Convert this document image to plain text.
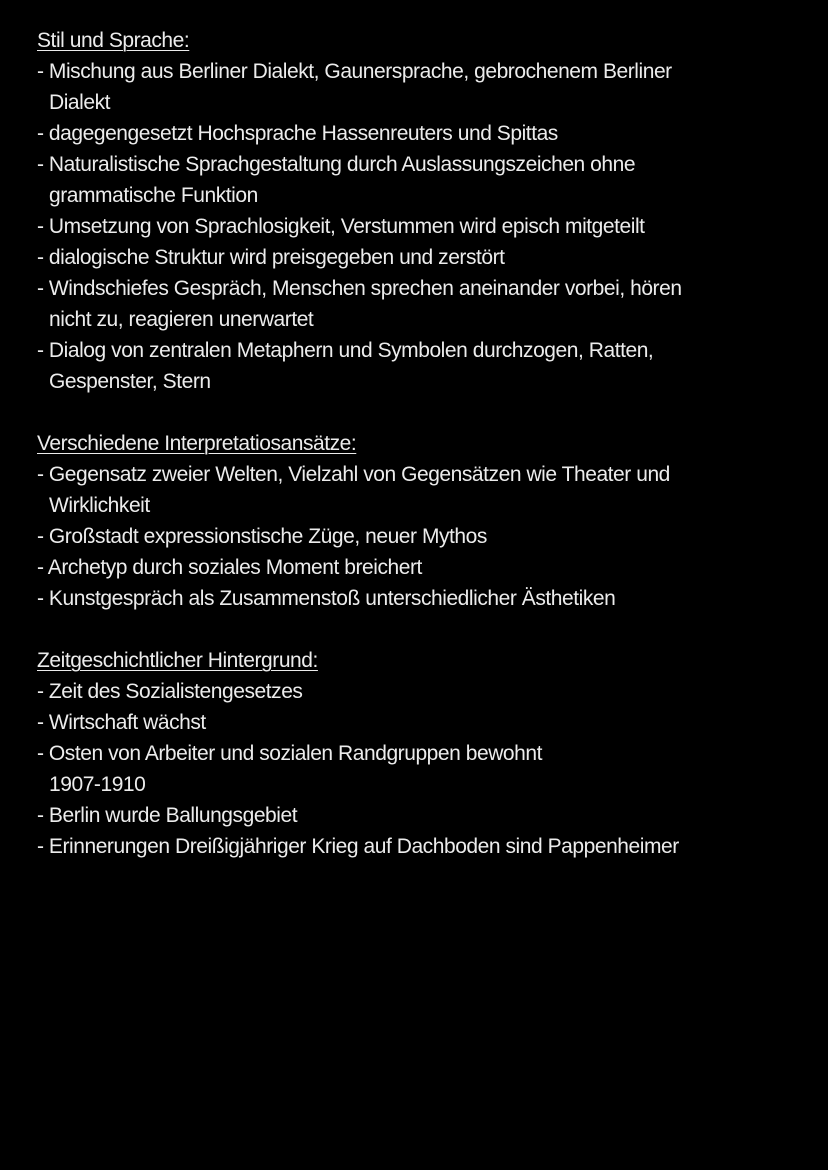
Stil und Sprache:
- Mischung aus Berliner Dialekt, Gaunersprache, gebrochenem Berliner
Dialekt
- dagegengesetzt Hochsprache Hassenreuters und Spittas
- Naturalistische Sprachgestaltung durch Auslassungszeichen ohne
grammatische Funktion
- Umsetzung von Sprachlosigkeit, Verstummen wird episch mitgeteilt
- dialogische Struktur wird preisgegeben und zerstört
- Windschiefes Gespräch, Menschen sprechen aneinander vorbei, hören
nicht zu, reagieren unerwartet
- Dialog von zentralen Metaphern und Symbolen durchzogen, Ratten,
Gespenster, Stern
Verschiedene Interpretatiosansätze:
- Gegensatz zweier Welten, Vielzahl von Gegensätzen wie Theater und
Wirklichkeit
- Großstadt expressionstische Züge, neuer Mythos
- Archetyp durch soziales Moment breichert
- Kunstgespräch als Zusammenstoß unterschiedlicher Ästhetiken
Zeitgeschichtlicher Hintergrund:
- Zeit des Sozialistengesetzes
- Wirtschaft wächst
- Osten von Arbeiter und sozialen Randgruppen bewohnt
1907-1910
- Berlin wurde Ballungsgebiet
- Erinnerungen Dreißigjähriger Krieg auf Dachboden sind Pappenheimer
